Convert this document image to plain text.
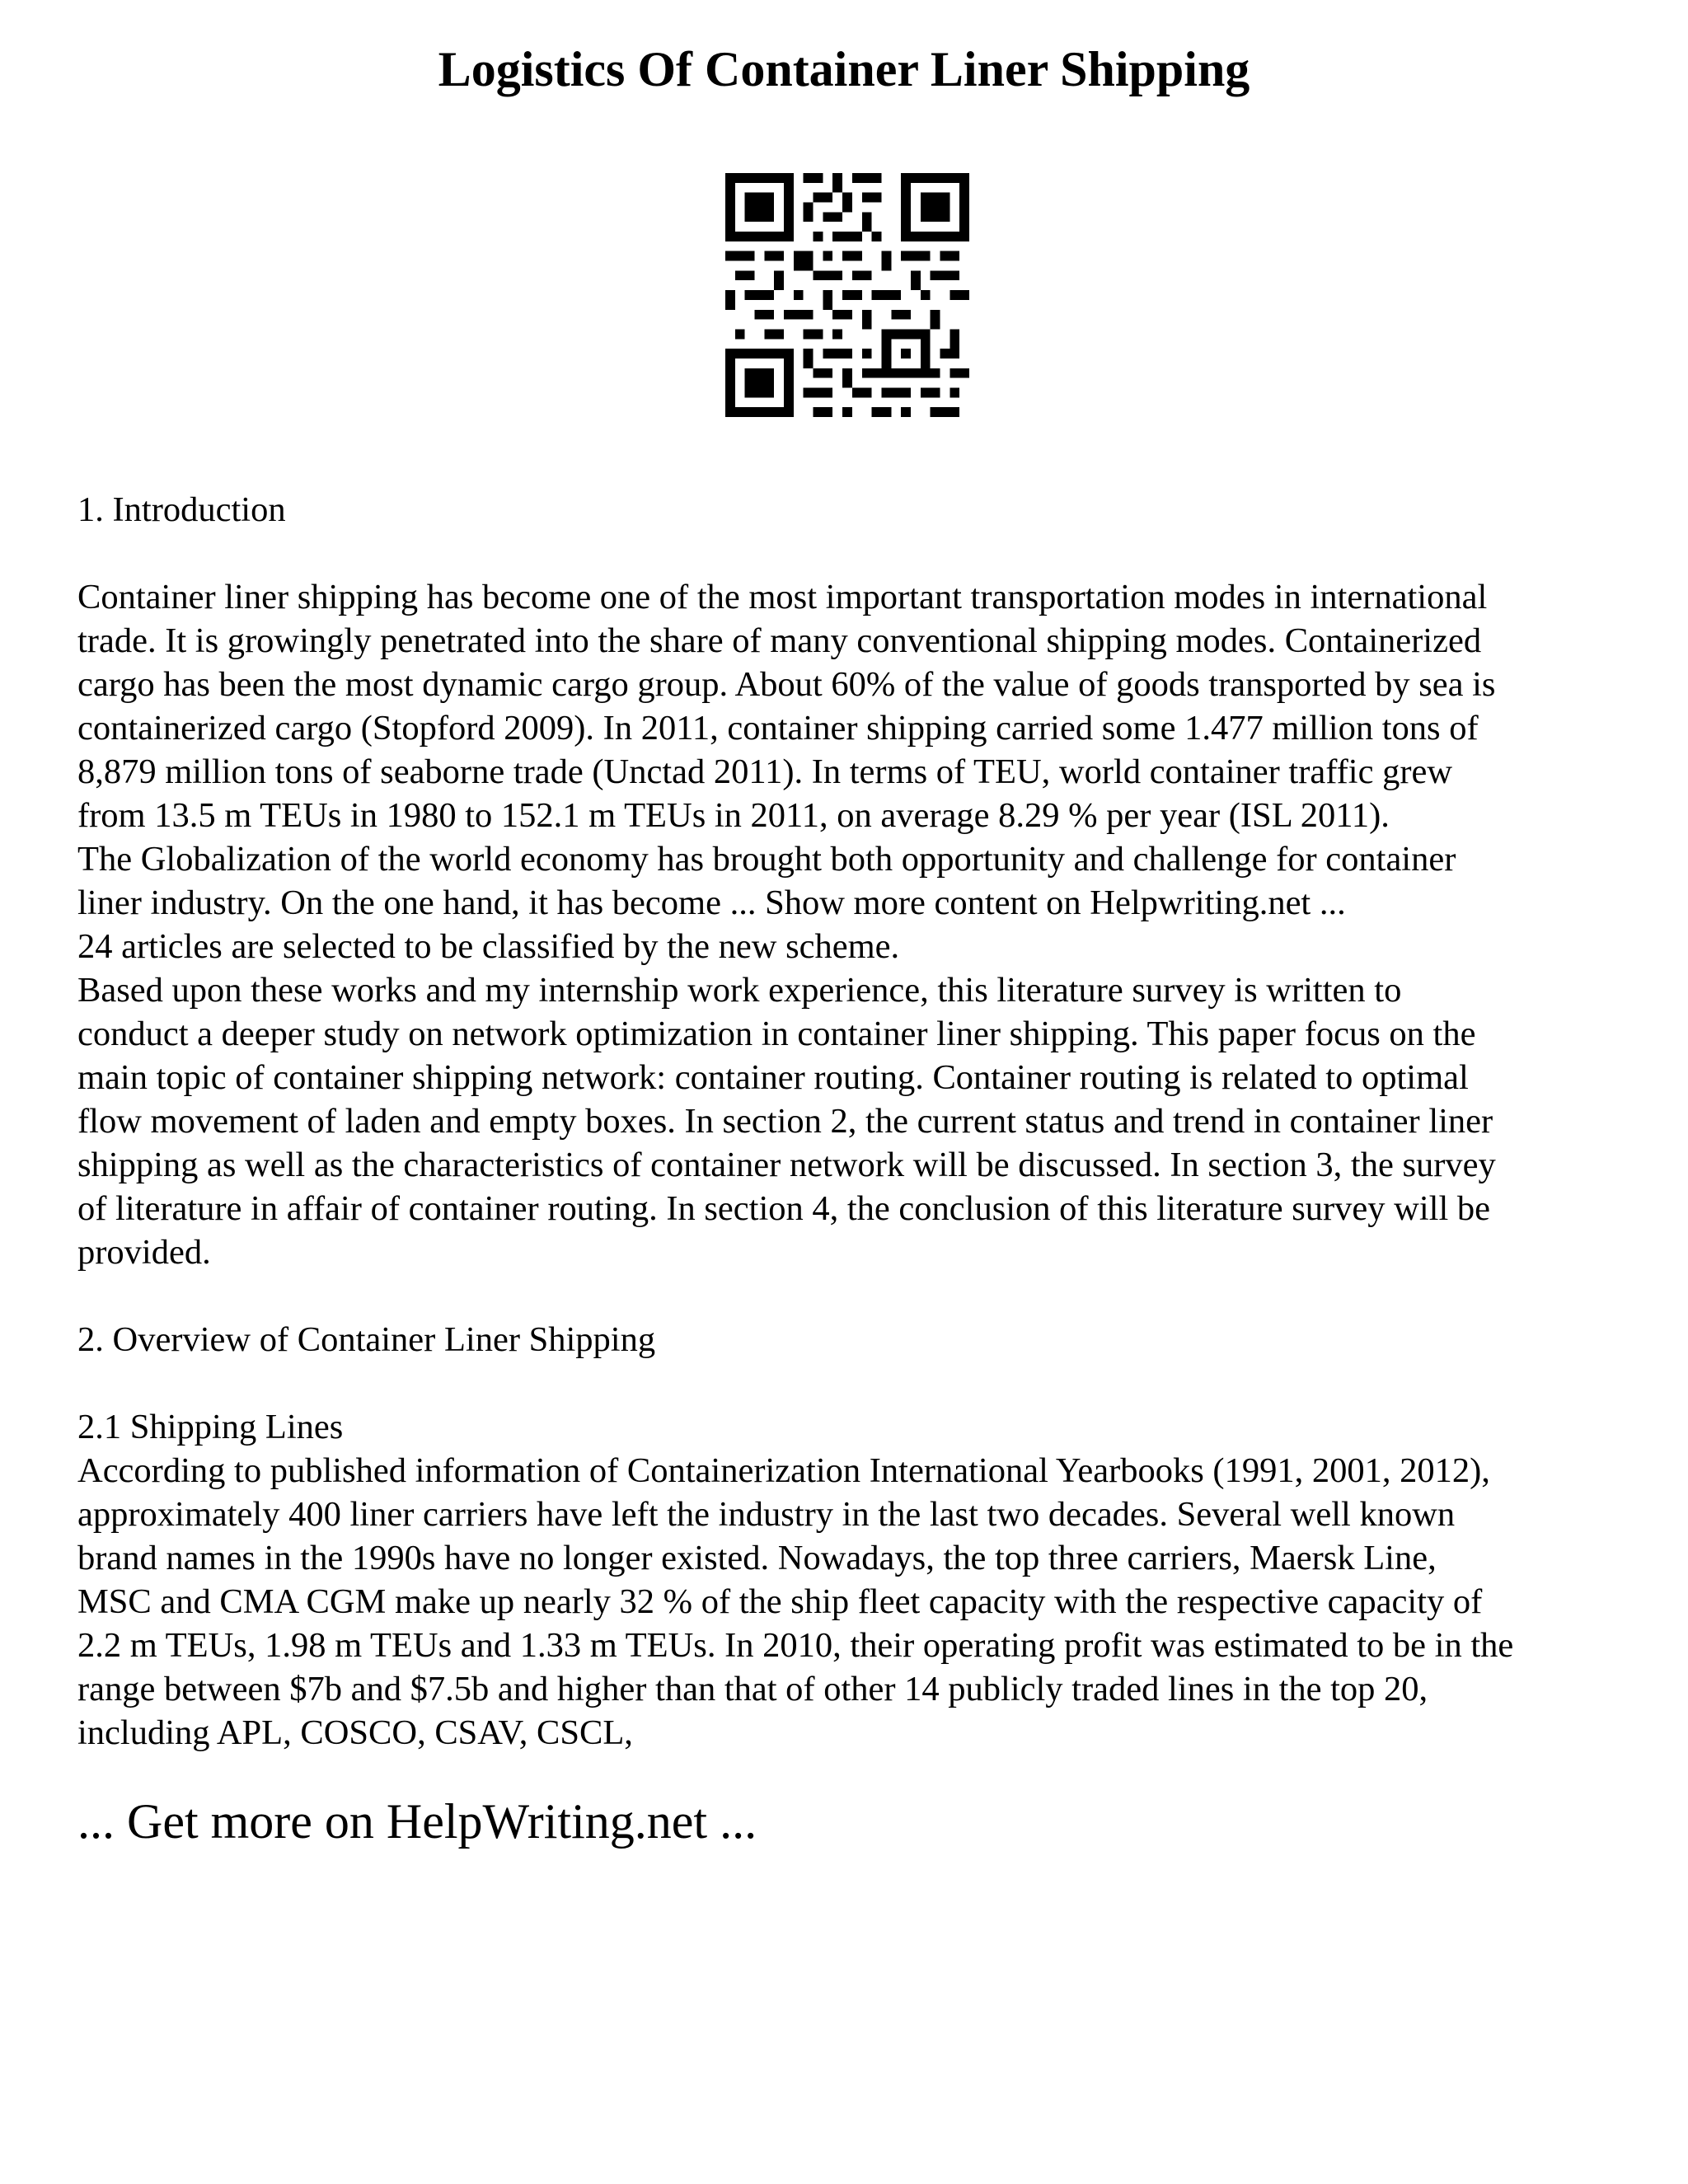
Logistics Of Container Liner Shipping
1. Introduction
Container liner shipping has become one of the most important transportation modes in international
trade. It is growingly penetrated into the share of many conventional shipping modes. Containerized
cargo has been the most dynamic cargo group. About 60% of the value of goods transported by sea is
containerized cargo (Stopford 2009). In 2011, container shipping carried some 1.477 million tons of
8,879 million tons of seaborne trade (Unctad 2011). In terms of TEU, world container traffic grew
from 13.5 m TEUs in 1980 to 152.1 m TEUs in 2011, on average 8.29 % per year (ISL 2011).
The Globalization of the world economy has brought both opportunity and challenge for container
liner industry. On the one hand, it has become ... Show more content on Helpwriting.net ...
24 articles are selected to be classified by the new scheme.
Based upon these works and my internship work experience, this literature survey is written to
conduct a deeper study on network optimization in container liner shipping. This paper focus on the
main topic of container shipping network: container routing. Container routing is related to optimal
flow movement of laden and empty boxes. In section 2, the current status and trend in container liner
shipping as well as the characteristics of container network will be discussed. In section 3, the survey
of literature in affair of container routing. In section 4, the conclusion of this literature survey will be
provided.
2. Overview of Container Liner Shipping
2.1 Shipping Lines
According to published information of Containerization International Yearbooks (1991, 2001, 2012),
approximately 400 liner carriers have left the industry in the last two decades. Several well known
brand names in the 1990s have no longer existed. Nowadays, the top three carriers, Maersk Line,
MSC and CMA CGM make up nearly 32 % of the ship fleet capacity with the respective capacity of
2.2 m TEUs, 1.98 m TEUs and 1.33 m TEUs. In 2010, their operating profit was estimated to be in the
range between $7b and $7.5b and higher than that of other 14 publicly traded lines in the top 20,
including APL, COSCO, CSAV, CSCL,
... Get more on HelpWriting.net ...
